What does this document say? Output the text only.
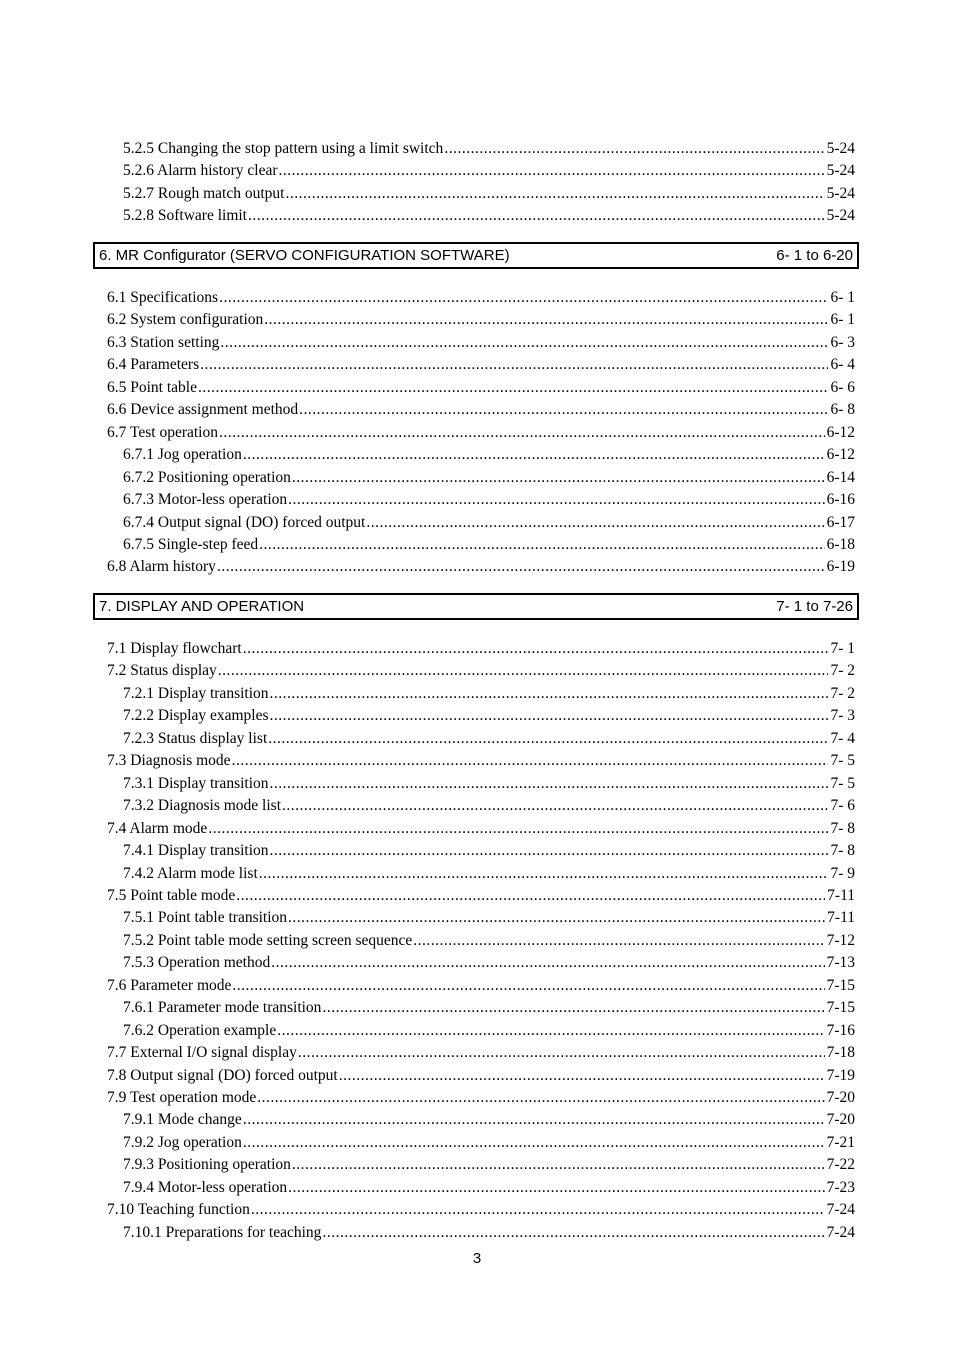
5.2.5 Changing the stop pattern using a limit switch .....	5-24
5.2.6 Alarm history clear .....	5-24
5.2.7 Rough match output .....	5-24
5.2.8 Software limit .....	5-24
6. MR Configurator (SERVO CONFIGURATION SOFTWARE)	6- 1 to 6-20
6.1 Specifications .....	6- 1
6.2 System configuration .....	6- 1
6.3 Station setting .....	6- 3
6.4 Parameters .....	6- 4
6.5 Point table .....	6- 6
6.6 Device assignment method .....	6- 8
6.7 Test operation .....	6-12
6.7.1 Jog operation .....	6-12
6.7.2 Positioning operation .....	6-14
6.7.3 Motor-less operation .....	6-16
6.7.4 Output signal (DO) forced output .....	6-17
6.7.5 Single-step feed .....	6-18
6.8 Alarm history .....	6-19
7. DISPLAY AND OPERATION	7- 1 to 7-26
7.1 Display flowchart .....	7- 1
7.2 Status display .....	7- 2
7.2.1 Display transition .....	7- 2
7.2.2 Display examples .....	7- 3
7.2.3 Status display list .....	7- 4
7.3 Diagnosis mode .....	7- 5
7.3.1 Display transition .....	7- 5
7.3.2 Diagnosis mode list .....	7- 6
7.4 Alarm mode .....	7- 8
7.4.1 Display transition .....	7- 8
7.4.2 Alarm mode list .....	7- 9
7.5 Point table mode .....	7-11
7.5.1 Point table transition .....	7-11
7.5.2 Point table mode setting screen sequence .....	7-12
7.5.3 Operation method .....	7-13
7.6 Parameter mode .....	7-15
7.6.1 Parameter mode transition .....	7-15
7.6.2 Operation example .....	7-16
7.7 External I/O signal display .....	7-18
7.8 Output signal (DO) forced output .....	7-19
7.9 Test operation mode .....	7-20
7.9.1 Mode change .....	7-20
7.9.2 Jog operation .....	7-21
7.9.3 Positioning operation .....	7-22
7.9.4 Motor-less operation .....	7-23
7.10 Teaching function .....	7-24
7.10.1 Preparations for teaching .....	7-24
3
